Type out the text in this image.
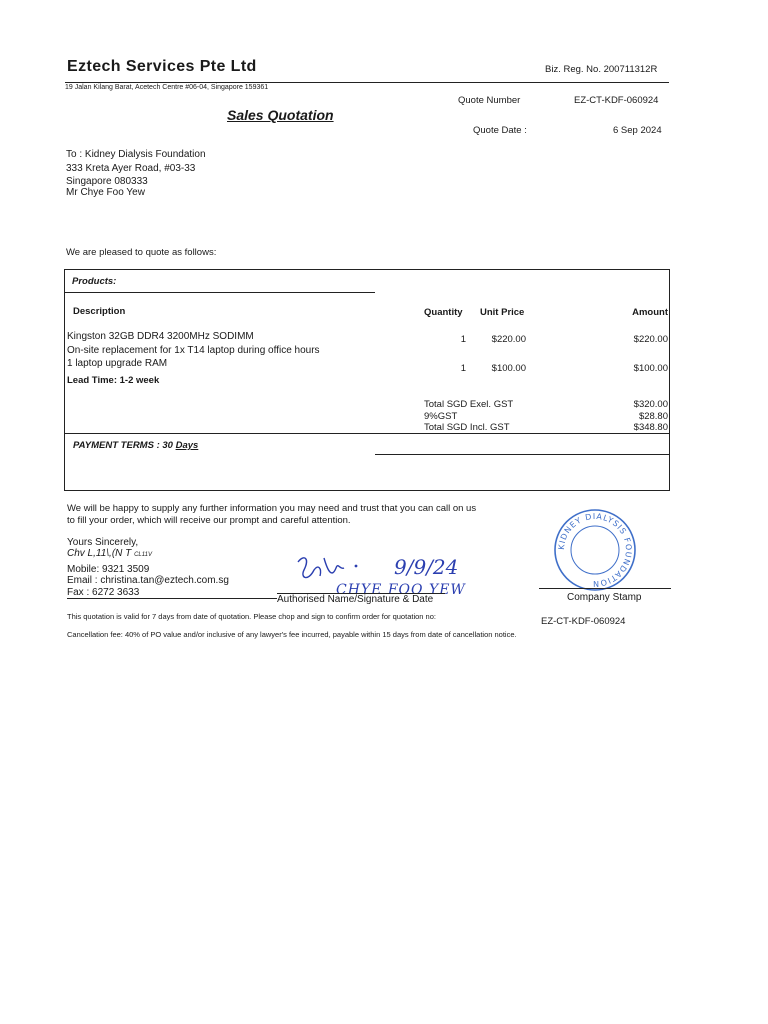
Eztech Services Pte Ltd	Biz. Reg. No. 200711312R
19 Jalan Kilang Barat, Acetech Centre #06-04, Singapore 159361
Quote Number	EZ-CT-KDF-060924
Sales Quotation
Quote Date :	6 Sep 2024
To : Kidney Dialysis Foundation
333 Kreta Ayer Road, #03-33
Singapore 080333
Mr Chye Foo Yew
We are pleased to quote as follows:
Products:
Description	Quantity Unit Price	Amount
Kingston 32GB DDR4 3200MHz SODIMM	1	$220.00	$220.00
On-site replacement for 1x T14 laptop during office hours
1 laptop upgrade RAM	1	$100.00	$100.00
Lead Time: 1-2 week
Total SGD Exel. GST	$320.00
9%GST	$28.80
Total SGD Incl. GST	$348.80
PAYMENT TERMS : 30 Days
We will be happy to supply any further information you may need and trust that you can call on us
to fill your order, which will receive our prompt and careful attention.
Yours Sincerely,
Chv L,11\,(N T CL11V
Mobile: 9321 3509
Email : christina.tan@eztech.com.sg
Fax : 6272 3633
9/9/24
CHYE FOO YEW
Authorised Name/Signature & Date
KIDNEY DIALYSIS FOUNDATION
Company Stamp
This quotation is valid for 7 days from date of quotation. Please chop and sign to confirm order for quotation no:	EZ-CT-KDF-060924
Cancellation fee: 40% of PO value and/or inclusive of any lawyer's fee incurred, payable within 15 days from date of cancellation notice.
